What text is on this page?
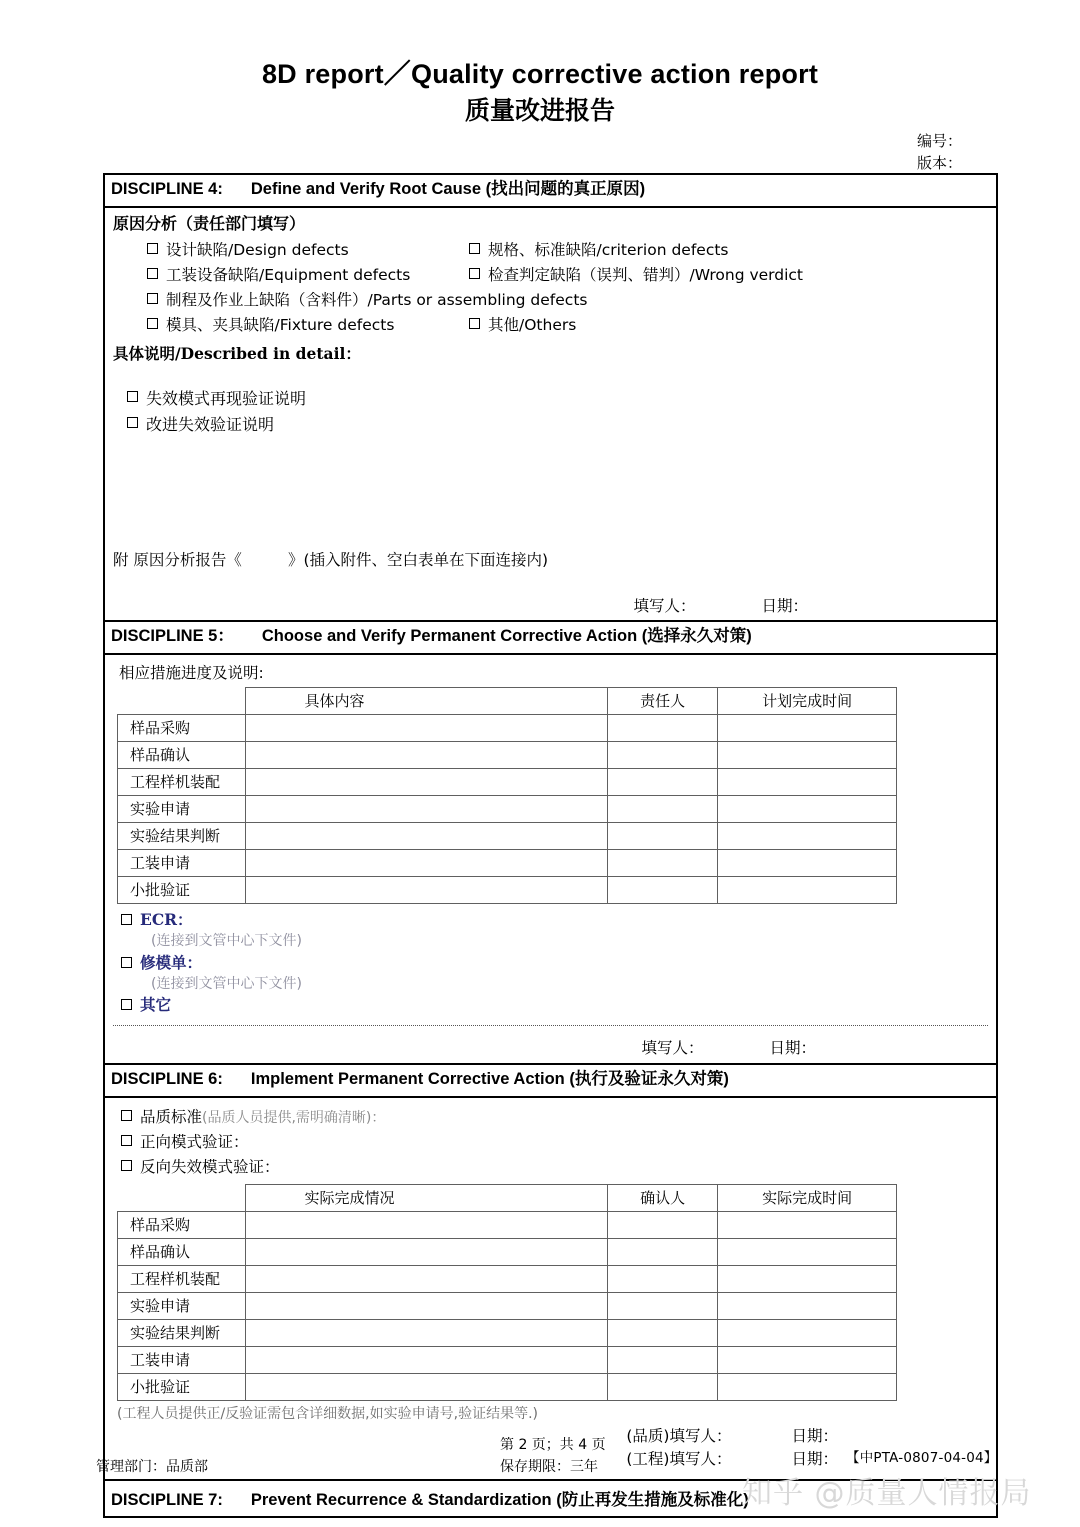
8D report／Quality corrective action report
质量改进报告
编号：
版本：
DISCIPLINE 4: Define and Verify Root Cause (找出问题的真正原因)
原因分析（责任部门填写）
设计缺陷/Design defects	规格、标准缺陷/criterion defects
工装设备缺陷/Equipment defects	检查判定缺陷（误判、错判）/Wrong verdict
制程及作业上缺陷（含料件）/Parts or assembling defects
模具、夹具缺陷/Fixture defects	其他/Others
具体说明/Described in detail：
失效模式再现验证说明
改进失效验证说明
附 原因分析报告《	》(插入附件、空白表单在下面连接内)
填写人：	日期：
DISCIPLINE 5： Choose and Verify Permanent Corrective Action (选择永久对策)
相应措施进度及说明:
	具体内容	责任人	计划完成时间
样品采购			
样品确认			
工程样机装配			
实验申请			
实验结果判断			
工装申请			
小批验证			
ECR：
(连接到文管中心下文件)
修模单：
(连接到文管中心下文件)
其它
填写人：	日期：
DISCIPLINE 6: Implement Permanent Corrective Action (执行及验证永久对策)
品质标准(品质人员提供,需明确清晰)：
正向模式验证：
反向失效模式验证：
	实际完成情况	确认人	实际完成时间
样品采购			
样品确认			
工程样机装配			
实验申请			
实验结果判断			
工装申请			
小批验证			
(工程人员提供正/反验证需包含详细数据,如实验申请号,验证结果等.)
(品质)填写人：	日期：
(工程)填写人：	日期：
DISCIPLINE 7: Prevent Recurrence & Standardization (防止再发生措施及标准化)
管理部门：品质部
第 2 页；共 4 页
保存期限：三年
【中PTA-0807-04-04】
知乎 @质量人情报局
